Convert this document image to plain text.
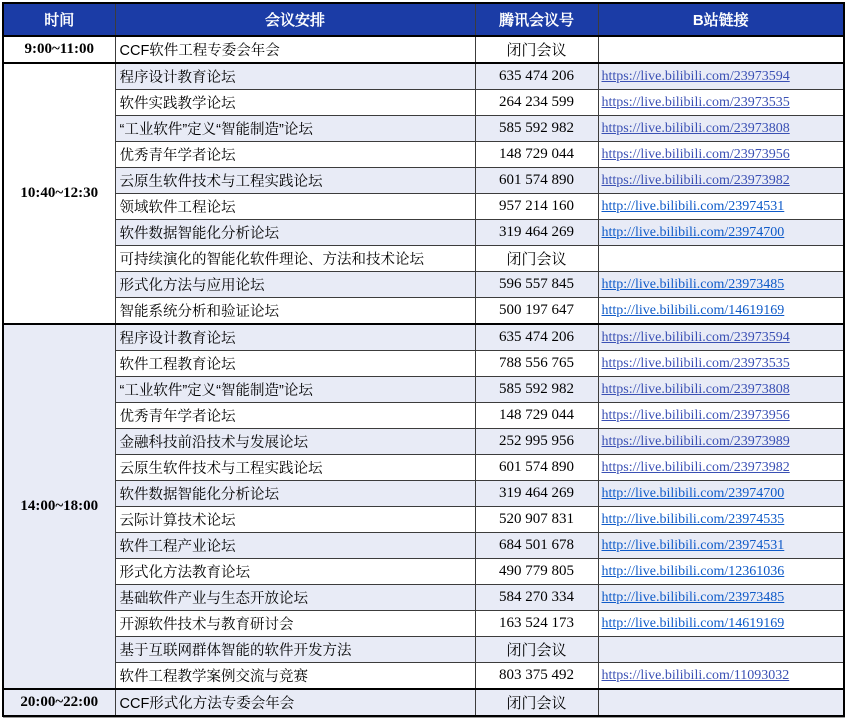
时间	会议安排	腾讯会议号	B站链接
9:00~11:00	CCF软件工程专委会年会	闭门会议	
10:40~12:30	程序设计教育论坛	635 474 206	https://live.bilibili.com/23973594
	软件实践教学论坛	264 234 599	https://live.bilibili.com/23973535
	“工业软件”定义“智能制造”论坛	585 592 982	https://live.bilibili.com/23973808
	优秀青年学者论坛	148 729 044	https://live.bilibili.com/23973956
	云原生软件技术与工程实践论坛	601 574 890	https://live.bilibili.com/23973982
	领域软件工程论坛	957 214 160	http://live.bilibili.com/23974531
	软件数据智能化分析论坛	319 464 269	http://live.bilibili.com/23974700
	可持续演化的智能化软件理论、方法和技术论坛	闭门会议	
	形式化方法与应用论坛	596 557 845	http://live.bilibili.com/23973485
	智能系统分析和验证论坛	500 197 647	http://live.bilibili.com/14619169
14:00~18:00	程序设计教育论坛	635 474 206	https://live.bilibili.com/23973594
	软件工程教育论坛	788 556 765	https://live.bilibili.com/23973535
	“工业软件”定义“智能制造”论坛	585 592 982	https://live.bilibili.com/23973808
	优秀青年学者论坛	148 729 044	https://live.bilibili.com/23973956
	金融科技前沿技术与发展论坛	252 995 956	https://live.bilibili.com/23973989
	云原生软件技术与工程实践论坛	601 574 890	https://live.bilibili.com/23973982
	软件数据智能化分析论坛	319 464 269	http://live.bilibili.com/23974700
	云际计算技术论坛	520 907 831	http://live.bilibili.com/23974535
	软件工程产业论坛	684 501 678	http://live.bilibili.com/23974531
	形式化方法教育论坛	490 779 805	http://live.bilibili.com/12361036
	基础软件产业与生态开放论坛	584 270 334	http://live.bilibili.com/23973485
	开源软件技术与教育研讨会	163 524 173	http://live.bilibili.com/14619169
	基于互联网群体智能的软件开发方法	闭门会议	
	软件工程教学案例交流与竞赛	803 375 492	https://live.bilibili.com/11093032
20:00~22:00	CCF形式化方法专委会年会	闭门会议	
